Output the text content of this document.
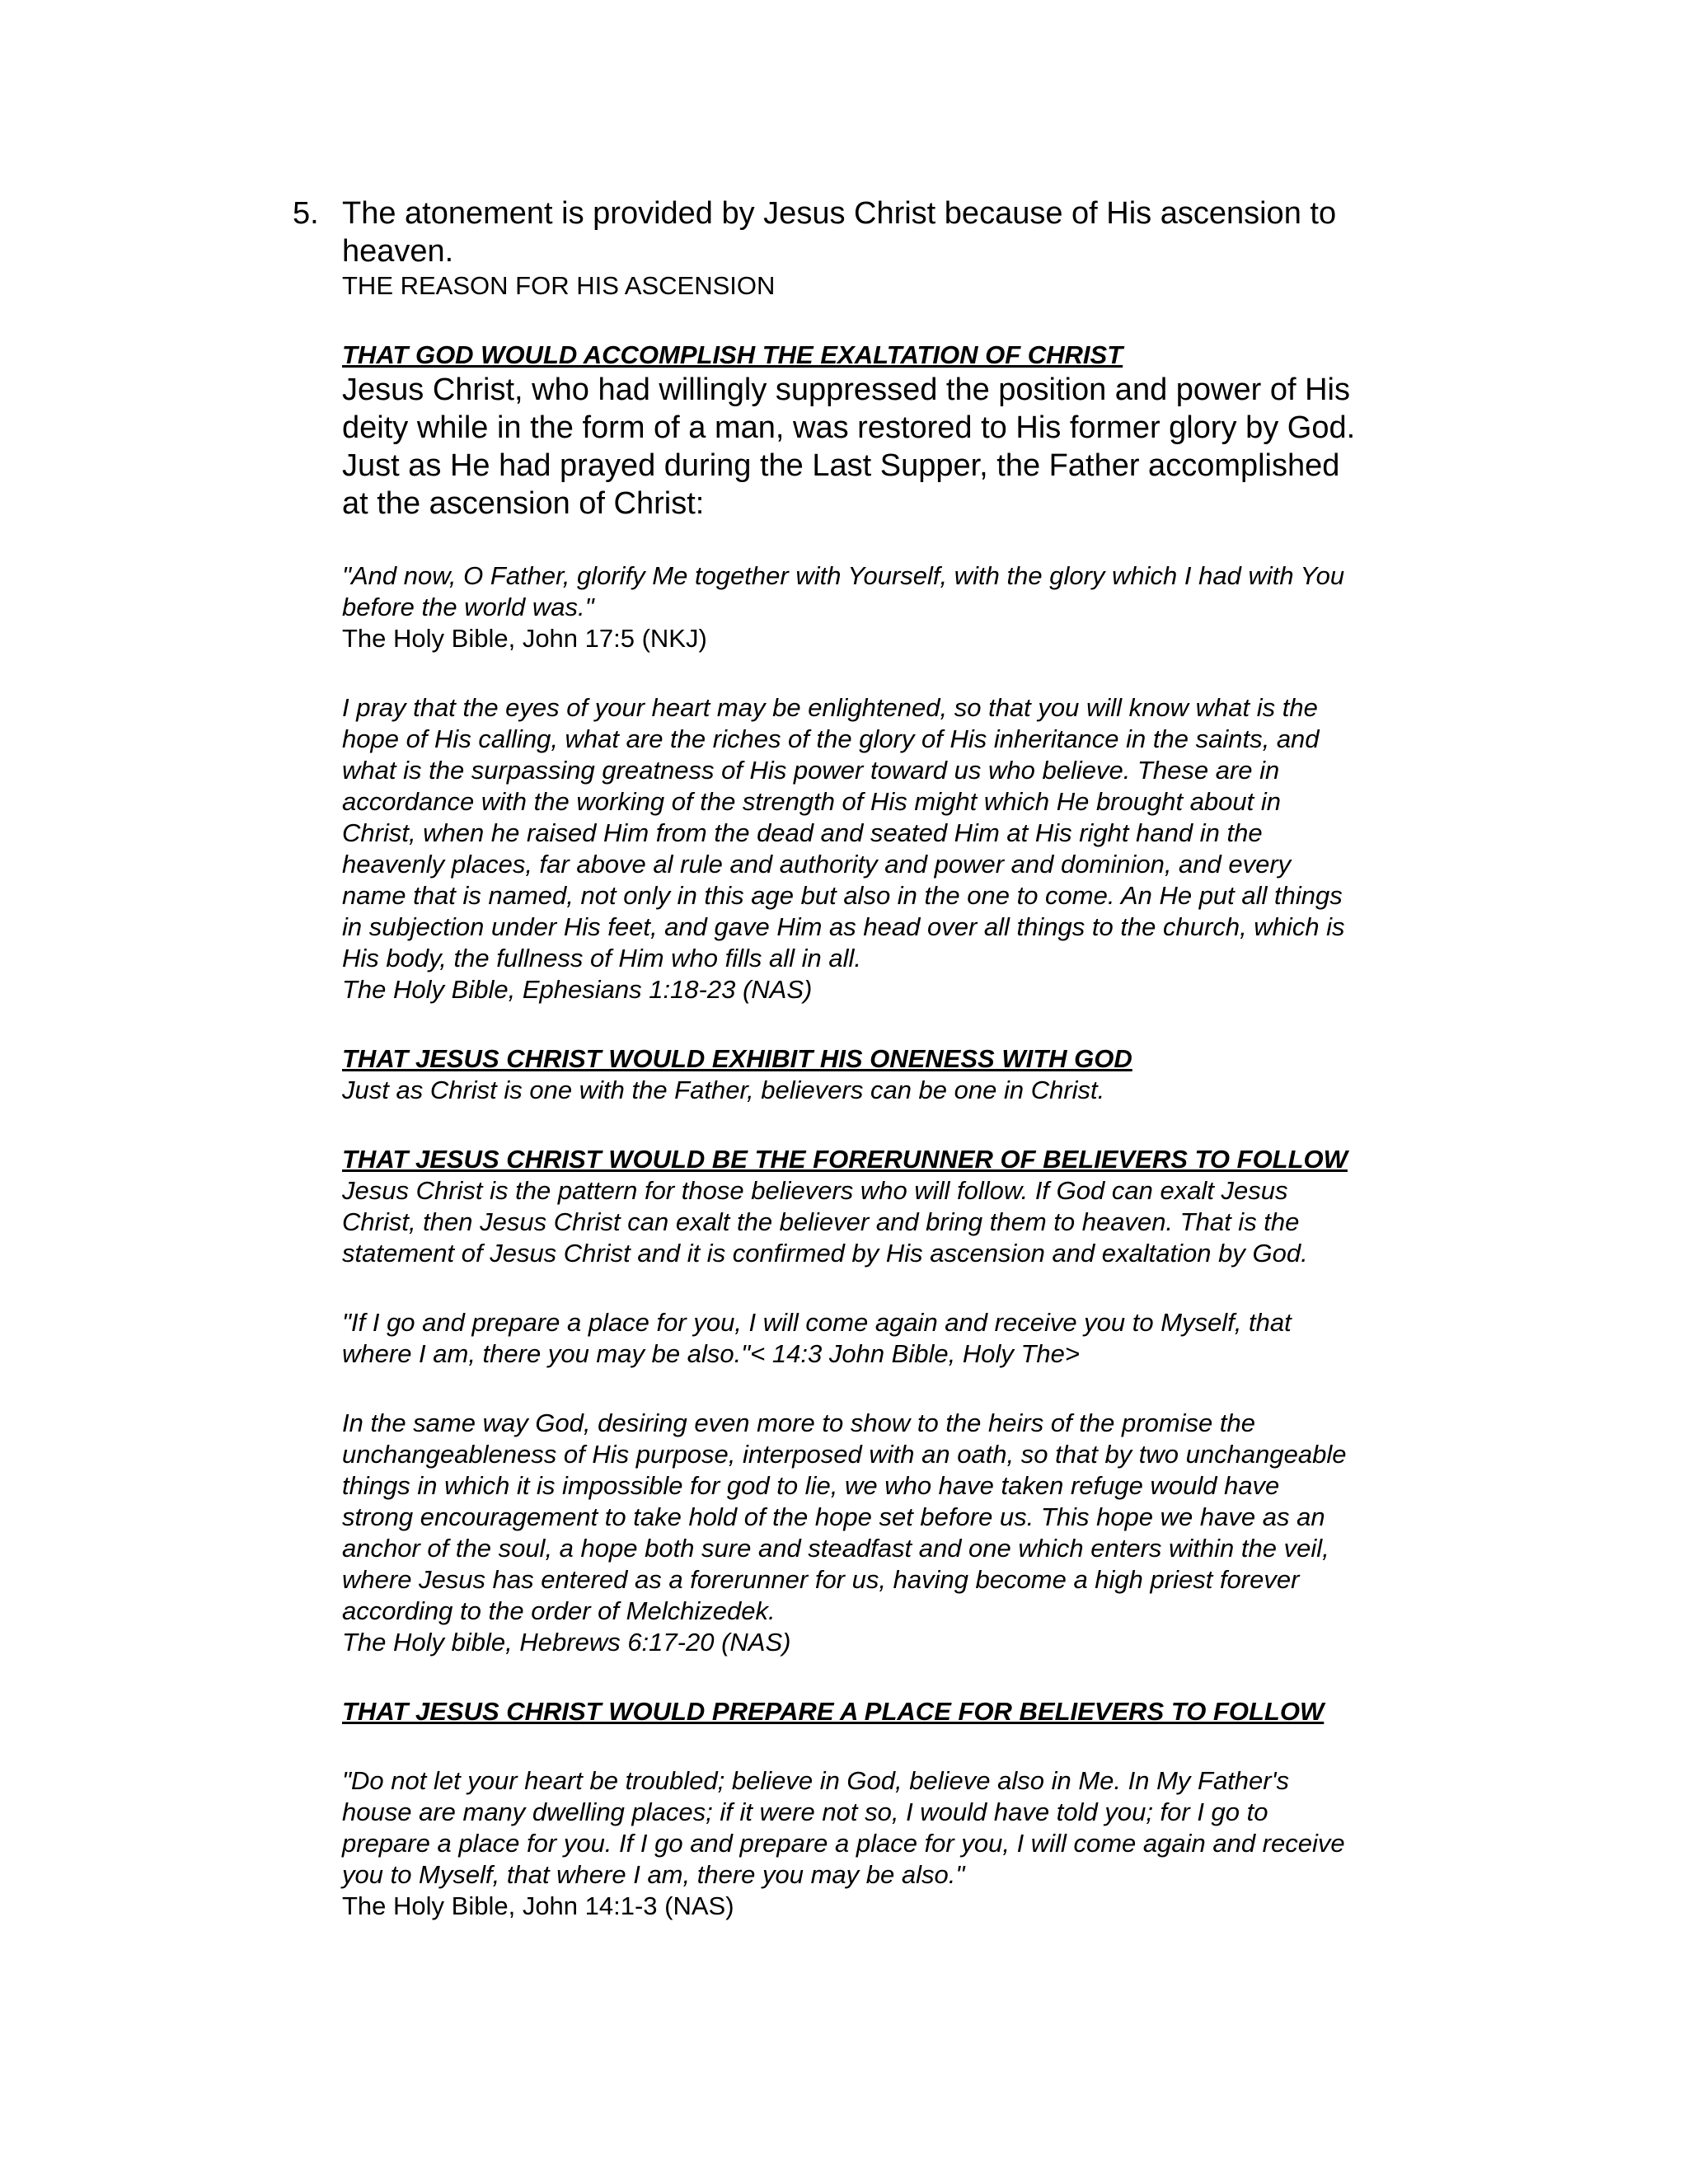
5. The atonement is provided by Jesus Christ because of His ascension to
heaven.

THE REASON FOR HIS ASCENSION

THAT GOD WOULD ACCOMPLISH THE EXALTATION OF CHRIST

Jesus Christ, who had willingly suppressed the position and power of His
deity while in the form of a man, was restored to His former glory by God.
Just as He had prayed during the Last Supper, the Father accomplished
at the ascension of Christ:

"And now, O Father, glorify Me together with Yourself, with the glory which I had with You
before the world was."

The Holy Bible, John 17:5 (NKJ)

I pray that the eyes of your heart may be enlightened, so that you will know what is the
hope of His calling, what are the riches of the glory of His inheritance in the saints, and
what is the surpassing greatness of His power toward us who believe. These are in
accordance with the working of the strength of His might which He brought about in
Christ, when he raised Him from the dead and seated Him at His right hand in the
heavenly places, far above al rule and authority and power and dominion, and every
name that is named, not only in this age but also in the one to come. An He put all things
in subjection under His feet, and gave Him as head over all things to the church, which is
His body, the fullness of Him who fills all in all.

The Holy Bible, Ephesians 1:18-23 (NAS)

THAT JESUS CHRIST WOULD EXHIBIT HIS ONENESS WITH GOD

Just as Christ is one with the Father, believers can be one in Christ.

THAT JESUS CHRIST WOULD BE THE FORERUNNER OF BELIEVERS TO FOLLOW

Jesus Christ is the pattern for those believers who will follow. If God can exalt Jesus
Christ, then Jesus Christ can exalt the believer and bring them to heaven. That is the
statement of Jesus Christ and it is confirmed by His ascension and exaltation by God.

"If I go and prepare a place for you, I will come again and receive you to Myself, that
where I am, there you may be also."< 14:3 John Bible, Holy The>

In the same way God, desiring even more to show to the heirs of the promise the
unchangeableness of His purpose, interposed with an oath, so that by two unchangeable
things in which it is impossible for god to lie, we who have taken refuge would have
strong encouragement to take hold of the hope set before us. This hope we have as an
anchor of the soul, a hope both sure and steadfast and one which enters within the veil,
where Jesus has entered as a forerunner for us, having become a high priest forever
according to the order of Melchizedek.

The Holy bible, Hebrews 6:17-20 (NAS)

THAT JESUS CHRIST WOULD PREPARE A PLACE FOR BELIEVERS TO FOLLOW

"Do not let your heart be troubled; believe in God, believe also in Me. In My Father's
house are many dwelling places; if it were not so, I would have told you; for I go to
prepare a place for you. If I go and prepare a place for you, I will come again and receive
you to Myself, that where I am, there you may be also."

The Holy Bible, John 14:1-3 (NAS)
